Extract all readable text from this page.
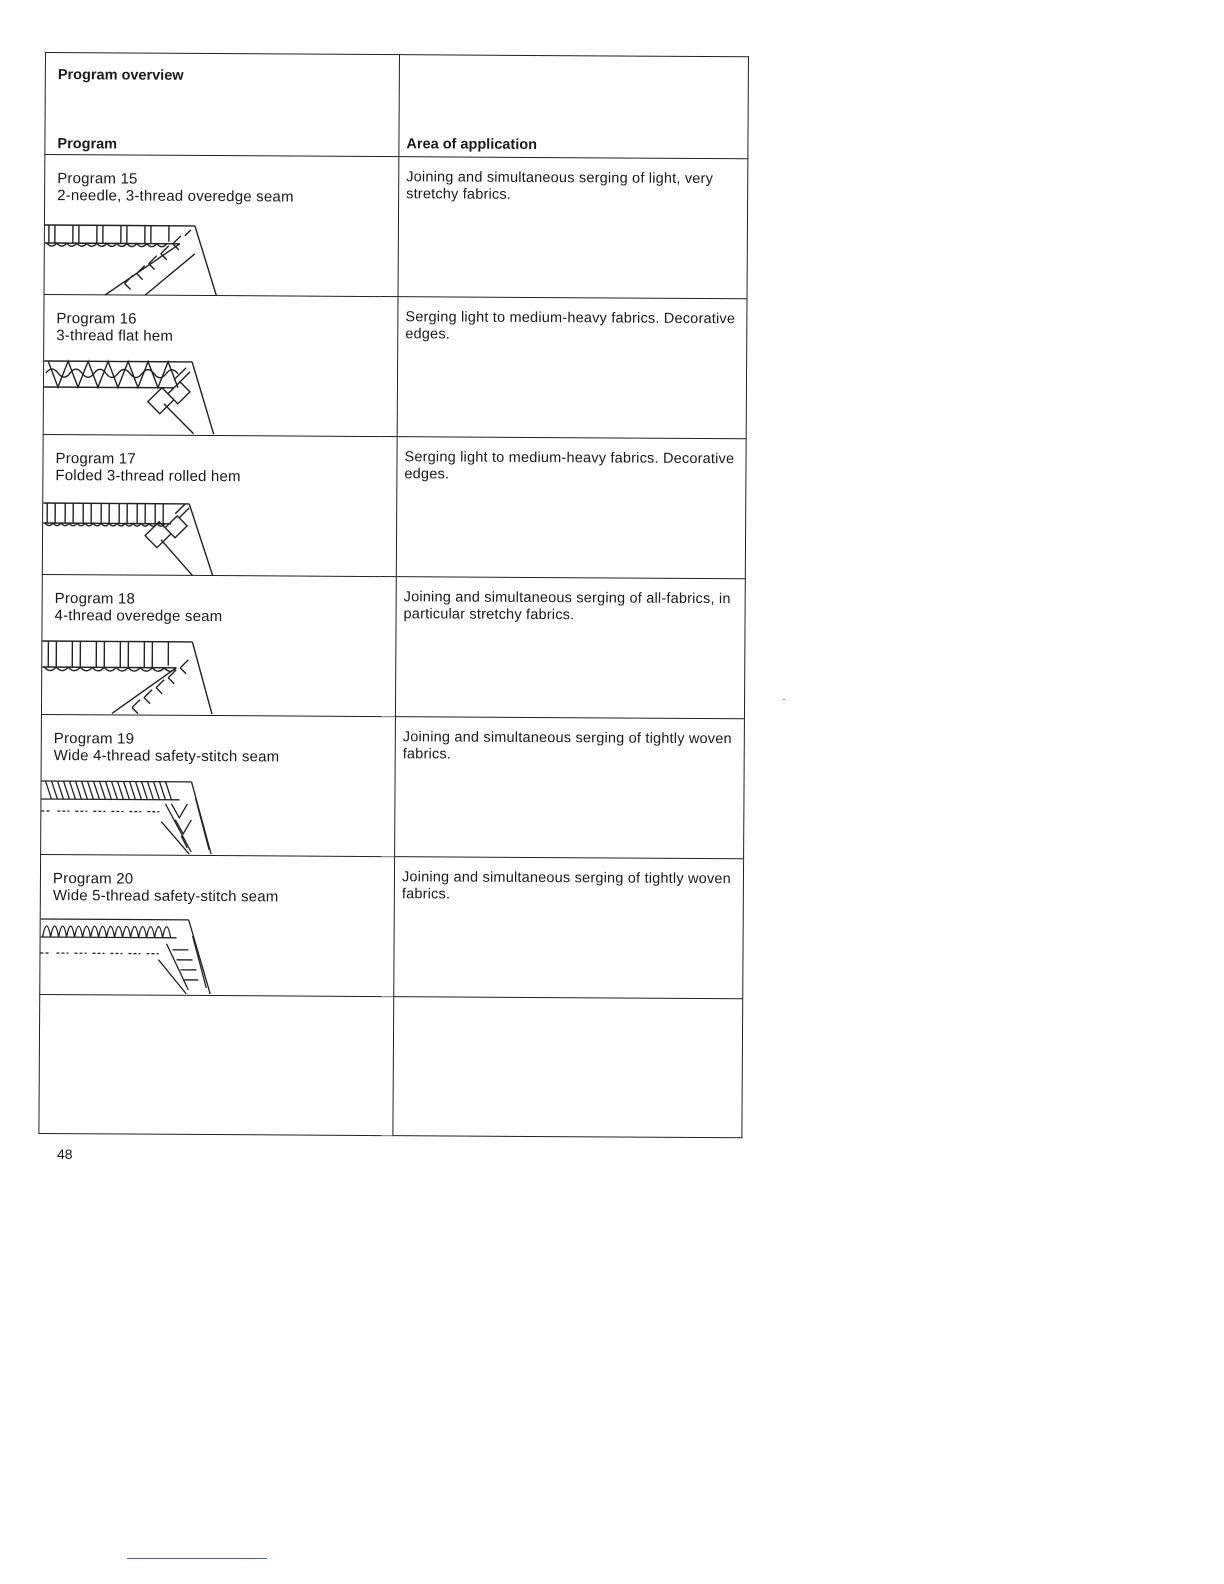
Program overview
Program	Area of application

Program 15
2-needle, 3-thread overedge seam	Joining and simultaneous serging of light, very stretchy fabrics.

Program 16
3-thread flat hem	Serging light to medium-heavy fabrics. Decorative edges.

Program 17
Folded 3-thread rolled hem	Serging light to medium-heavy fabrics. Decorative edges.

Program 18
4-thread overedge seam	Joining and simultaneous serging of all-fabrics, in particular stretchy fabrics.

Program 19
Wide 4-thread safety-stitch seam	Joining and simultaneous serging of tightly woven fabrics.

Program 20
Wide 5-thread safety-stitch seam	Joining and simultaneous serging of tightly woven fabrics.

48
